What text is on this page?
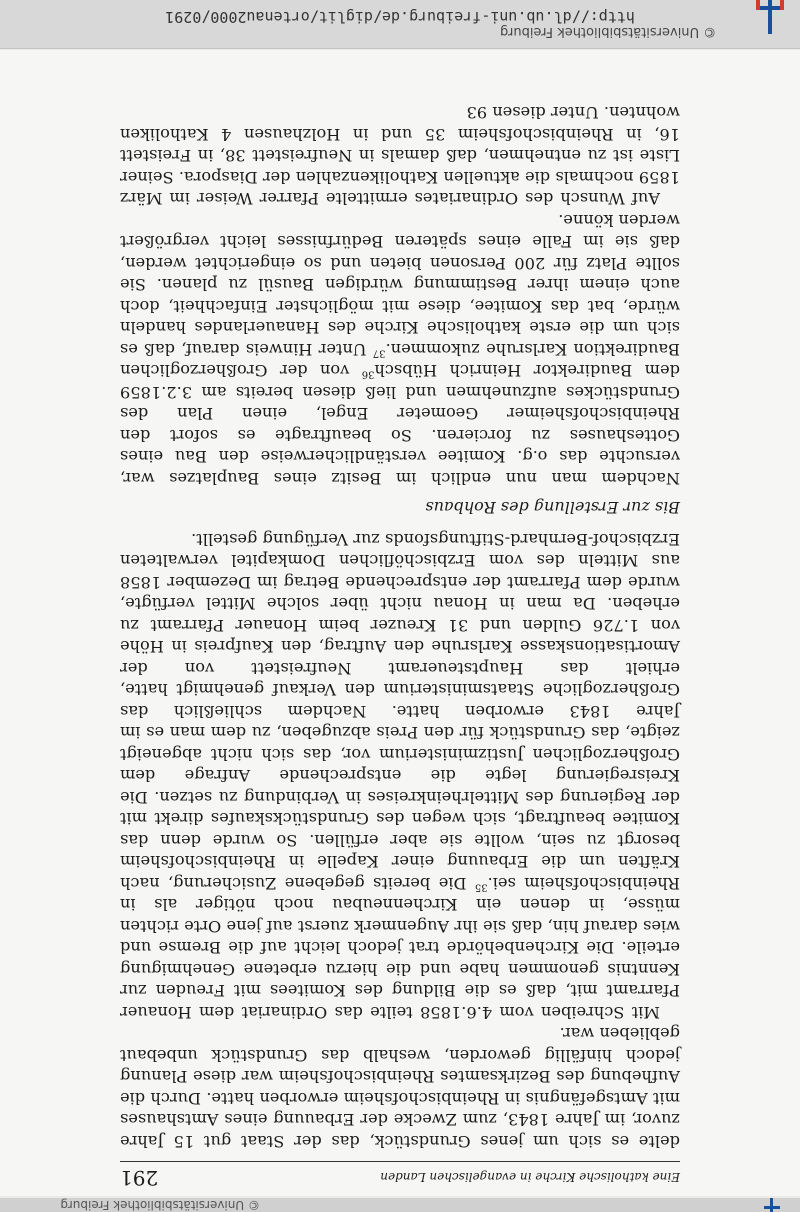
http://dl.ub.uni-freiburg.de/diglit/ortenau2000/0291
© Universitätsbibliothek Freiburg
Eine katholische Kirche in evangelischen Landen
291

delte es sich um jenes Grundstück, das der Staat gut 15 Jahre zuvor, im Jahre 1843, zum Zwecke der Erbauung eines Amtshauses mit Amtsgefängnis in Rheinbischofsheim erworben hatte. Durch die Aufhebung des Bezirksamtes Rheinbischofsheim war diese Planung jedoch hinfällig geworden, weshalb das Grundstück unbebaut geblieben war.

Mit Schreiben vom 4.6.1858 teilte das Ordinariat dem Honauer Pfarramt mit, daß es die Bildung des Komitees mit Freuden zur Kenntnis genommen habe und die hierzu erbetene Genehmigung erteile. Die Kirchenbehörde trat jedoch leicht auf die Bremse und wies darauf hin, daß sie ihr Augenmerk zuerst auf jene Orte richten müsse, in denen ein Kirchenneubau noch nötiger als in Rheinbischofsheim sei.$^{35}$ Die bereits gegebene Zusicherung, nach Kräften um die Erbauung einer Kapelle in Rheinbischofsheim besorgt zu sein, wollte sie aber erfüllen. So wurde denn das Komitee beauftragt, sich wegen des Grundstückskaufes direkt mit der Regierung des Mittelrheinkreises in Verbindung zu setzen. Die Kreisregierung legte die entsprechende Anfrage dem Großherzoglichen Justizministerium vor, das sich nicht abgeneigt zeigte, das Grundstück für den Preis abzugeben, zu dem man es im Jahre 1843 erworben hatte. Nachdem schließlich das Großherzogliche Staatsministerium den Verkauf genehmigt hatte, erhielt das Hauptsteueramt Neufreistett von der Amortisationskasse Karlsruhe den Auftrag, den Kaufpreis in Höhe von 1.726 Gulden und 31 Kreuzer beim Honauer Pfarramt zu erheben. Da man in Honau nicht über solche Mittel verfügte, wurde dem Pfarramt der entsprechende Betrag im Dezember 1858 aus Mitteln des vom Erzbischöflichen Domkapitel verwalteten Erzbischof-Bernhard-Stiftungsfonds zur Verfügung gestellt.

Bis zur Erstellung des Rohbaus

Nachdem man nun endlich im Besitz eines Bauplatzes war, versuchte das o.g. Komitee verständlicherweise den Bau eines Gotteshauses zu forcieren. So beauftragte es sofort den Rheinbischofsheimer Geometer Engel, einen Plan des Grundstückes aufzunehmen und ließ diesen bereits am 3.2.1859 dem Baudirektor Heinrich Hübsch$^{36}$ von der Großherzoglichen Baudirektion Karlsruhe zukommen.$^{37}$ Unter Hinweis darauf, daß es sich um die erste katholische Kirche des Hanauerlandes handeln würde, bat das Komitee, diese mit möglichster Einfachheit, doch auch einem ihrer Bestimmung würdigen Bausül zu planen. Sie sollte Platz für 200 Personen bieten und so eingerichtet werden, daß sie im Falle eines späteren Bedürfnisses leicht vergrößert werden könne.

Auf Wunsch des Ordinariates ermittelte Pfarrer Weiser im März 1859 nochmals die aktuellen Katholikenzahlen der Diaspora. Seiner Liste ist zu entnehmen, daß damals in Neufreistett 38, in Freistett 16, in Rheinbischofsheim 35 und in Holzhausen 4 Katholiken wohnten. Unter diesen 93

© Universitätsbibliothek Freiburg
